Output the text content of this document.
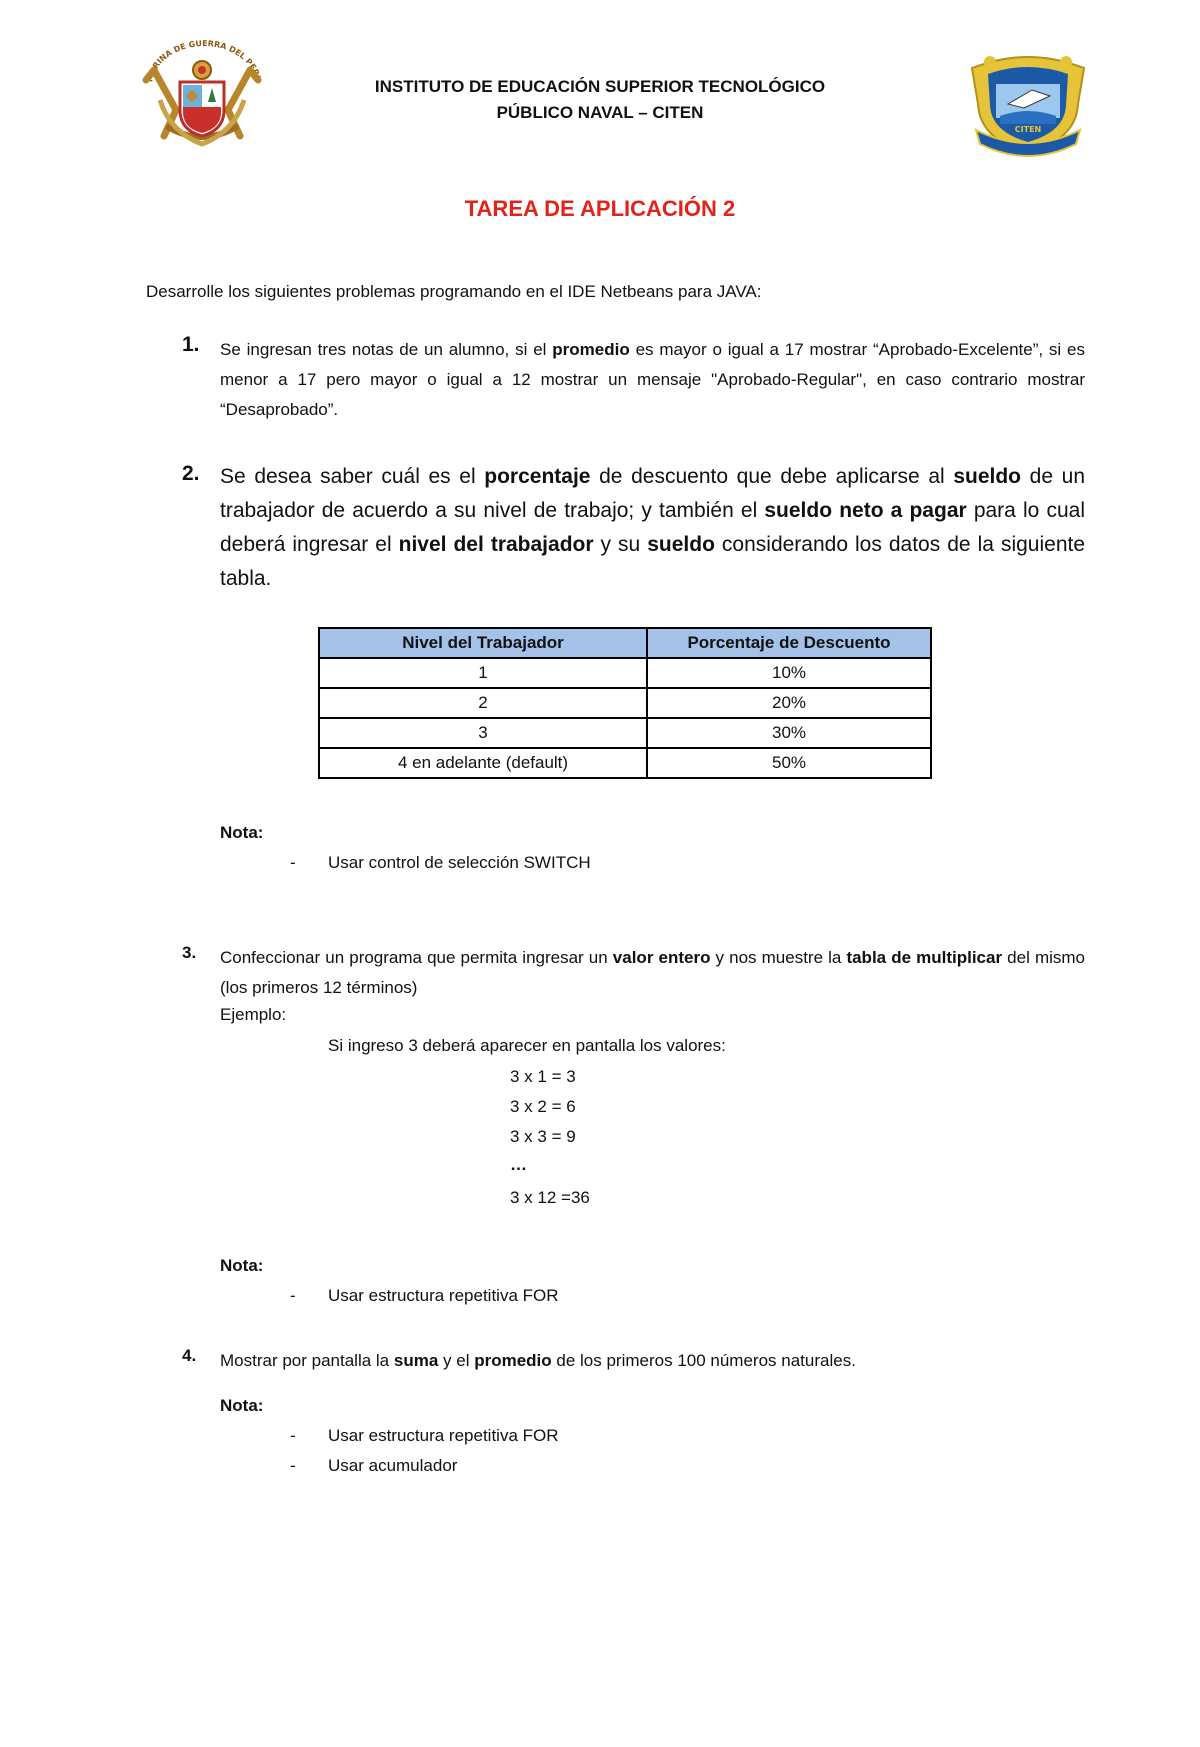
MARINA DE GUERRA DEL PERU
CITEN
INSTITUTO DE EDUCACIÓN SUPERIOR TECNOLÓGICO
PÚBLICO NAVAL – CITEN
TAREA DE APLICACIÓN 2
Desarrolle los siguientes problemas programando en el IDE Netbeans para JAVA:
1. Se ingresan tres notas de un alumno, si el promedio es mayor o igual a 17 mostrar “Aprobado-Excelente”, si es menor a 17 pero mayor o igual a 12 mostrar un mensaje "Aprobado-Regular", en caso contrario mostrar “Desaprobado”.
2. Se desea saber cuál es el porcentaje de descuento que debe aplicarse al sueldo de un trabajador de acuerdo a su nivel de trabajo; y también el sueldo neto a pagar para lo cual deberá ingresar el nivel del trabajador y su sueldo considerando los datos de la siguiente tabla.
Nivel del Trabajador	Porcentaje de Descuento
1	10%
2	20%
3	30%
4 en adelante (default)	50%
Nota:
- Usar control de selección SWITCH
3. Confeccionar un programa que permita ingresar un valor entero y nos muestre la tabla de multiplicar del mismo (los primeros 12 términos)
Ejemplo:
Si ingreso 3 deberá aparecer en pantalla los valores:
3 x 1 = 3
3 x 2 = 6
3 x 3 = 9
…
3 x 12 =36
Nota:
- Usar estructura repetitiva FOR
4. Mostrar por pantalla la suma y el promedio de los primeros 100 números naturales.
Nota:
- Usar estructura repetitiva FOR
- Usar acumulador
